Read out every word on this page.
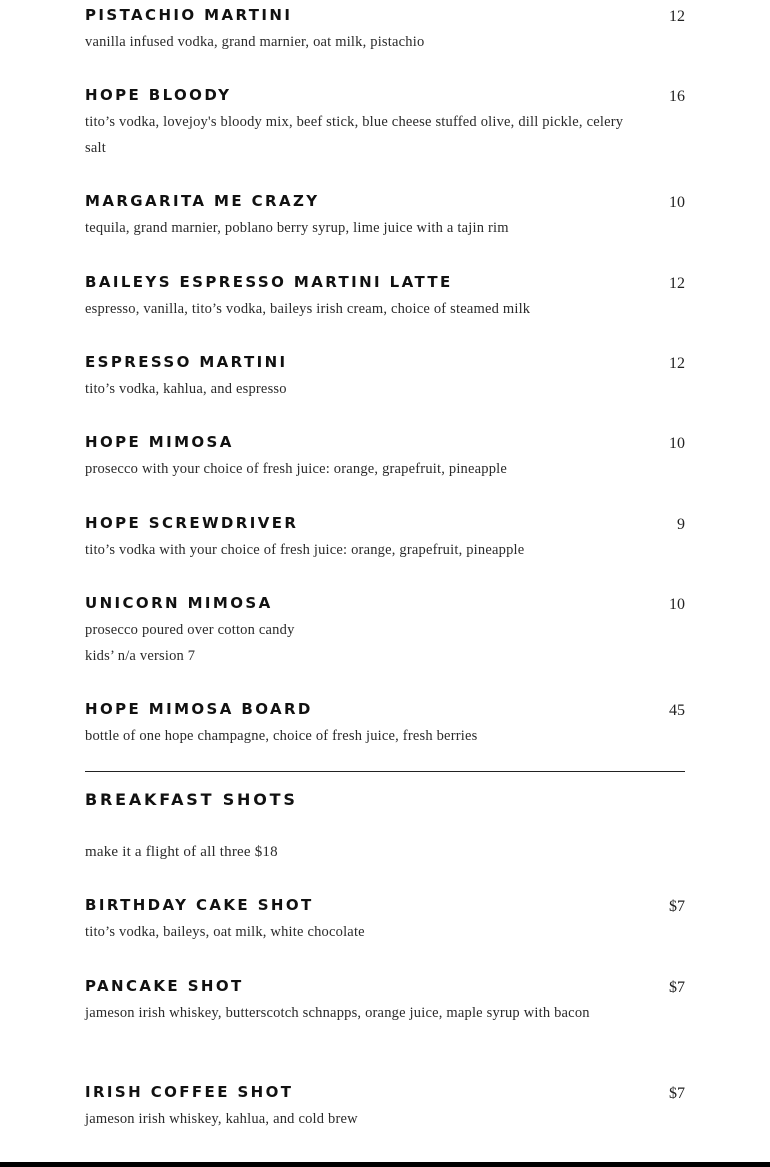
PISTACHIO MARTINI	12
vanilla infused vodka, grand marnier, oat milk, pistachio
HOPE BLOODY	16
tito’s vodka, lovejoy's bloody mix, beef stick, blue cheese stuffed olive, dill pickle, celery salt
MARGARITA ME CRAZY	10
tequila, grand marnier, poblano berry syrup, lime juice with a tajin rim
BAILEYS ESPRESSO MARTINI LATTE	12
espresso, vanilla, tito’s vodka, baileys irish cream, choice of steamed milk
ESPRESSO MARTINI	12
tito’s vodka, kahlua, and espresso
HOPE MIMOSA	10
prosecco with your choice of fresh juice: orange, grapefruit, pineapple
HOPE SCREWDRIVER	9
tito’s vodka with your choice of fresh juice: orange, grapefruit, pineapple
UNICORN MIMOSA	10
prosecco poured over cotton candy
kids’ n/a version 7
HOPE MIMOSA BOARD	45
bottle of one hope champagne, choice of fresh juice, fresh berries
BREAKFAST SHOTS
make it a flight of all three $18
BIRTHDAY CAKE SHOT	$7
tito’s vodka, baileys, oat milk, white chocolate
PANCAKE SHOT	$7
jameson irish whiskey, butterscotch schnapps, orange juice, maple syrup with bacon
IRISH COFFEE SHOT	$7
jameson irish whiskey, kahlua, and cold brew
